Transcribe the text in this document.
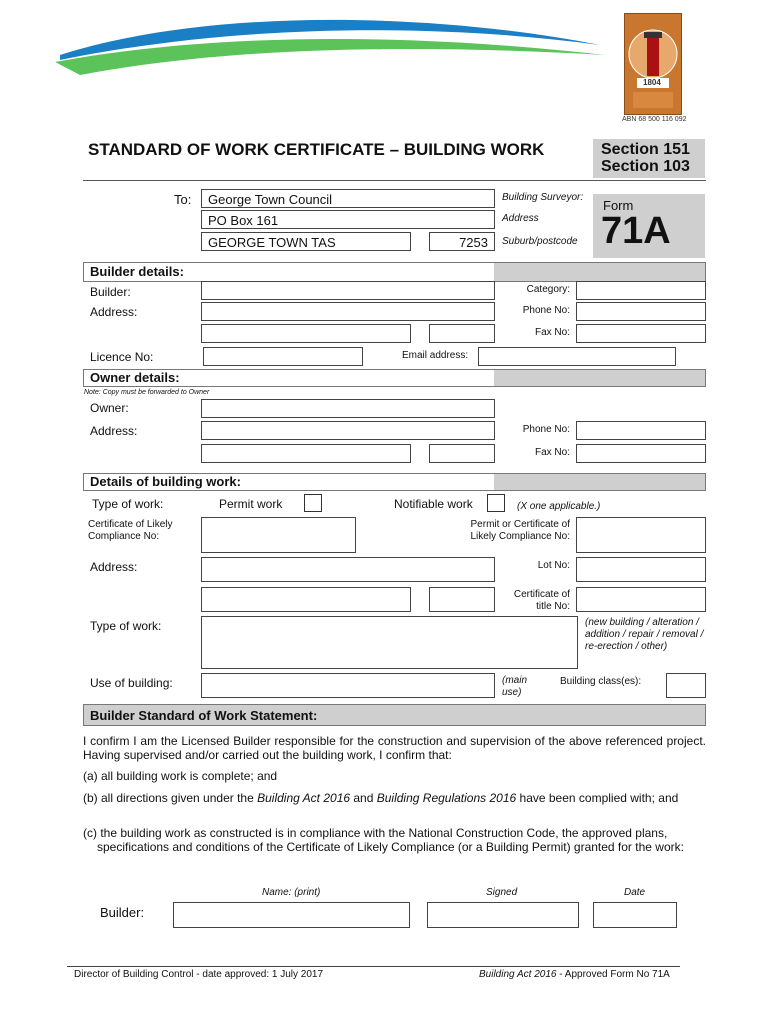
1804
ABN 68 500 116 092
STANDARD OF WORK CERTIFICATE – BUILDING WORK	Section 151
Section 103
Form
71A
To:	George Town Council
PO Box 161
GEORGE TOWN TAS	7253
Building Surveyor:
Address
Suburb/postcode
Builder details:
Builder:	Category:
Address:	Phone No:
Fax No:
Licence No:	Email address:
Owner details:
Note: Copy must be forwarded to Owner
Owner:
Address:	Phone No:
Fax No:
Details of building work:
Type of work:	Permit work	Notifiable work	(X one applicable.)
Certificate of Likely Compliance No:
Permit or Certificate of Likely Compliance No:
Address:	Lot No:
Certificate of title No:
Type of work:	(new building / alteration / addition / repair / removal / re-erection / other)
Use of building:	(main use)
Building class(es):
Builder Standard of Work Statement:
I confirm I am the Licensed Builder responsible for the construction and supervision of the above referenced project. Having supervised and/or carried out the building work, I confirm that:
(a) all building work is complete; and
(b) all directions given under the Building Act 2016 and Building Regulations 2016 have been complied with; and
(c) the building work as constructed is in compliance with the National Construction Code, the approved plans, specifications and conditions of the Certificate of Likely Compliance (or a Building Permit) granted for the work:
Name: (print)	Signed	Date
Builder:
Director of Building Control - date approved: 1 July 2017	Building Act 2016 - Approved Form No 71A
